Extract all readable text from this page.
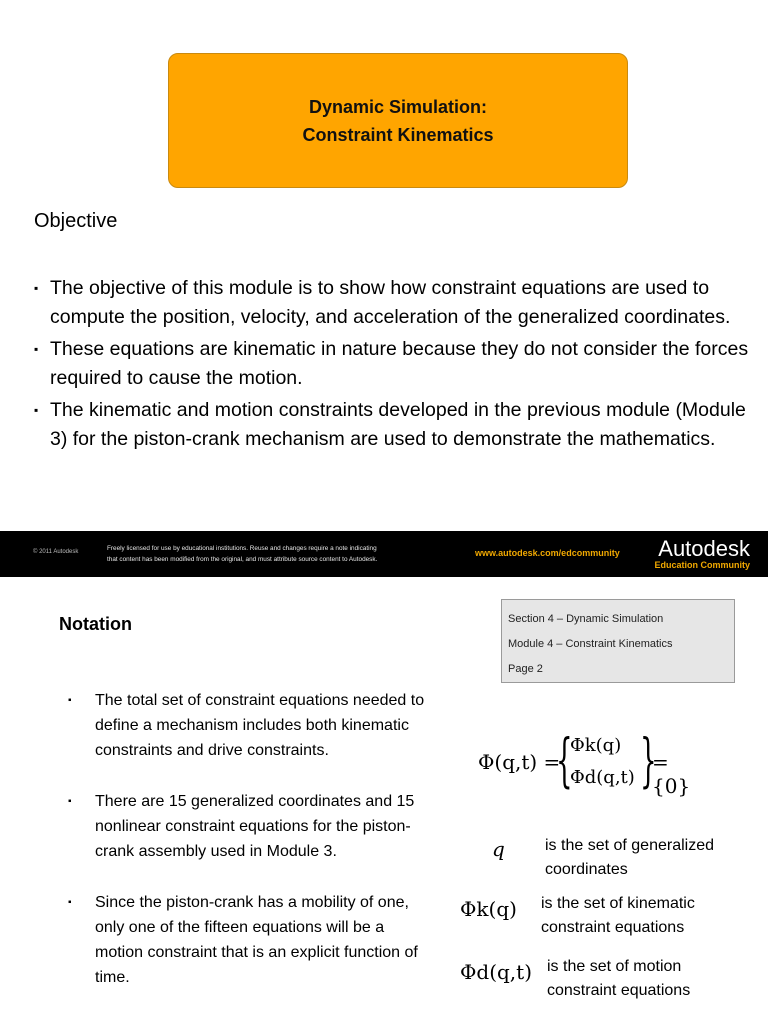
Dynamic Simulation:
Constraint Kinematics
Objective
▪ The objective of this module is to show how constraint equations are used to compute the position, velocity, and acceleration of the generalized coordinates.
▪ These equations are kinematic in nature because they do not consider the forces required to cause the motion.
▪ The kinematic and motion constraints developed in the previous module (Module 3) for the piston-crank mechanism are used to demonstrate the mathematics.
© 2011 Autodesk	Freely licensed for use by educational institutions. Reuse and changes require a note indicating
that content has been modified from the original, and must attribute source content to Autodesk.
www.autodesk.com/edcommunity Autodesk
Education Community
Notation	Section 4 – Dynamic Simulation
Module 4 – Constraint Kinematics
Page 2
▪ The total set of constraint equations needed to define a mechanism includes both kinematic constraints and drive constraints.
▪ There are 15 generalized coordinates and 15 nonlinear constraint equations for the piston-crank assembly used in Module 3.
▪ Since the piston-crank has a mobility of one, only one of the fifteen equations will be a motion constraint that is an explicit function of time.
Φ(q,t) =
{
Φk(q)
Φd(q,t) }
= {0}
q	is the set of generalized coordinates
Φk(q) is the set of kinematic constraint equations
Φd(q,t) is the set of motion constraint equations
